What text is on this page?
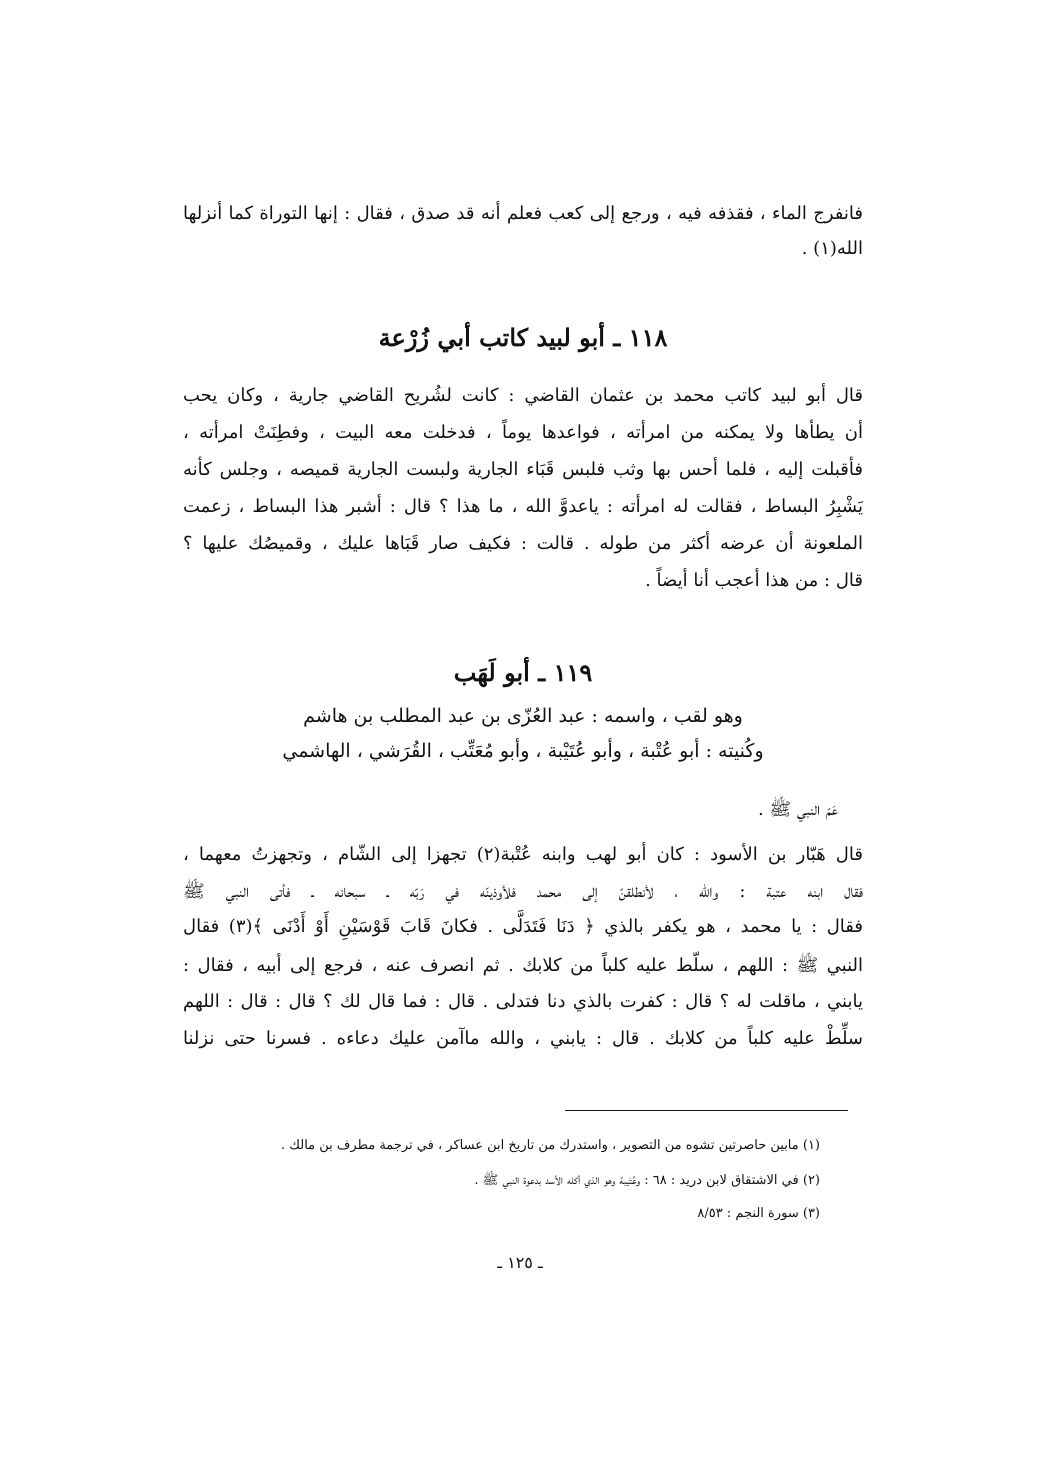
فانفرج الماء ، فقذفه فيه ، ورجع إلى كعب فعلم أنه قد صدق ، فقال : إنها التوراة كما أنزلها
الله(١) .
١١٨ ـ أبو لبيد كاتب أبي زُرْعة
قال أبو لبيد كاتب محمد بن عثمان القاضي : كانت لشُريح القاضي جارية ، وكان يحب
أن يطأها ولا يمكنه من امرأته ، فواعدها يوماً ، فدخلت معه البيت ، وفطِنَتْ امرأته ،
فأقبلت إليه ، فلما أحس بها وثب فلبس قَبَاء الجارية ولبست الجارية قميصه ، وجلس كأنه
يَشْبِرُ البساط ، فقالت له امرأته : ياعدوَّ الله ، ما هذا ؟ قال : أشبر هذا البساط ، زعمت
الملعونة أن عرضه أكثر من طوله . قالت : فكيف صار قَبَاها عليك ، وقميصُك عليها ؟
قال : من هذا أعجب أنا أيضاً .
١١٩ ـ أبو لَهَب
وهو لقب ، واسمه : عبد العُزّى بن عبد المطلب بن هاشم
وكُنيته : أبو عُتْبة ، وأبو عُتَيْبة ، وأبو مُعَتِّب ، القُرَشي ، الهاشمي
عَمّ النبي ﷺ .
قال هَبّار بن الأسود : كان أبو لهب وابنه عُتْبة(٢) تجهزا إلى الشّام ، وتجهزتُ معهما ،
فقال ابنه عتبة : والله ، لأنطلقنّ إلى محمد فلأوذينّه في رَبّه ـ سبحانه ـ فأتى النبي ﷺ
فقال : يا محمد ، هو يكفر بالذي ﴿ دَنَا فَتَدَلَّى . فكانَ قَابَ قَوْسَيْنِ أَوْ أَدْنَى ﴾(٣) فقال
النبي ﷺ : اللهم ، سلّط عليه كلباً من كلابك . ثم انصرف عنه ، فرجع إلى أبيه ، فقال :
يابني ، ماقلت له ؟ قال : كفرت بالذي دنا فتدلى . قال : فما قال لك ؟ قال : قال : اللهم
سلِّطْ عليه كلباً من كلابك . قال : يابني ، والله ماآمن عليك دعاءه . فسرنا حتى نزلنا
(١) مابين حاصرتين تشوه من التصوير ، واستدرك من تاريخ ابن عساكر ، في ترجمة مطرف بن مالك .
(٢) في الاشتقاق لابن دريد : ٦٨ : وعُتَيبة وهو الذي أكله الأسد بدعوة النبي ﷺ .
(٣) سورة النجم : ٨/٥٣
ـ ١٢٥ ـ
